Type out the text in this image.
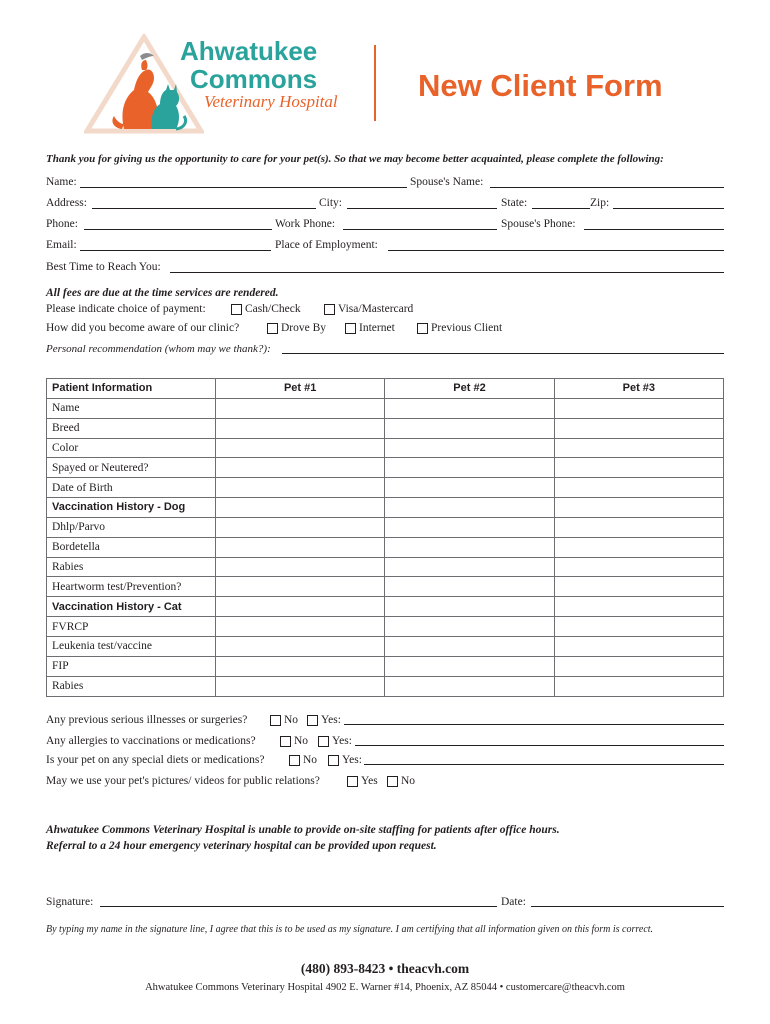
Ahwatukee
Commons
Veterinary Hospital	New Client Form
Thank you for giving us the opportunity to care for your pet(s). So that we may become better acquainted, please complete the following:
Name:	Spouse's Name:
Address:	City:	State:	Zip:
Phone:	Work Phone:	Spouse's Phone:
Email:	Place of Employment:
Best Time to Reach You:
All fees are due at the time services are rendered.
Please indicate choice of payment:	Cash/Check	Visa/Mastercard
How did you become aware of our clinic?	Drove By	Internet	Previous Client
Personal recommendation (whom may we thank?):
Patient Information	Pet #1	Pet #2	Pet #3
Name			
Breed			
Color			
Spayed or Neutered?			
Date of Birth			
Vaccination History - Dog			
Dhlp/Parvo			
Bordetella			
Rabies			
Heartworm test/Prevention?			
Vaccination History - Cat			
FVRCP			
Leukenia test/vaccine			
FIP			
Rabies			
Any previous serious illnesses or surgeries?	No Yes:
Any allergies to vaccinations or medications?	No Yes:
Is your pet on any special diets or medications?	No Yes:
May we use your pet's pictures/ videos for public relations?	Yes No
Ahwatukee Commons Veterinary Hospital is unable to provide on-site staffing for patients after office hours.
Referral to a 24 hour emergency veterinary hospital can be provided upon request.
Signature:	Date:
By typing my name in the signature line, I agree that this is to be used as my signature. I am certifying that all information given on this form is correct.
(480) 893-8423 • theacvh.com
Ahwatukee Commons Veterinary Hospital 4902 E. Warner #14, Phoenix, AZ 85044 • customercare@theacvh.com
